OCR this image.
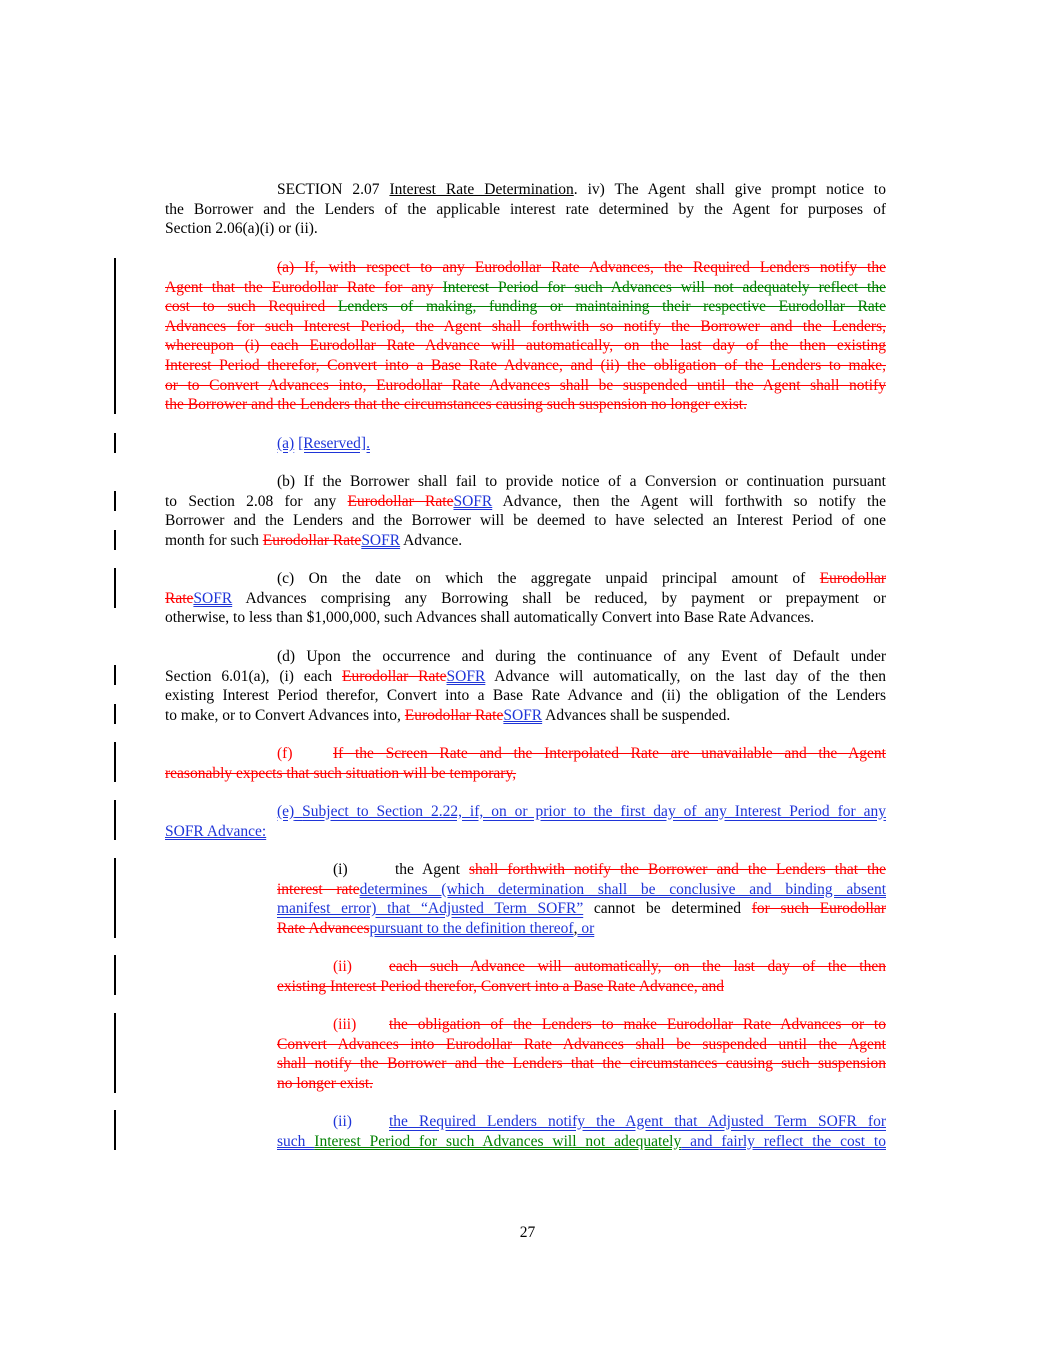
SECTION 2.07 Interest Rate Determination. iv) The Agent shall give prompt notice to
the Borrower and the Lenders of the applicable interest rate determined by the Agent for purposes of
Section 2.06(a)(i) or (ii).
(a) If, with respect to any Eurodollar Rate Advances, the Required Lenders notify the
Agent that the Eurodollar Rate for any Interest Period for such Advances will not adequately reflect the
cost to such Required Lenders of making, funding or maintaining their respective Eurodollar Rate
Advances for such Interest Period, the Agent shall forthwith so notify the Borrower and the Lenders,
whereupon (i) each Eurodollar Rate Advance will automatically, on the last day of the then existing
Interest Period therefor, Convert into a Base Rate Advance, and (ii) the obligation of the Lenders to make,
or to Convert Advances into, Eurodollar Rate Advances shall be suspended until the Agent shall notify
the Borrower and the Lenders that the circumstances causing such suspension no longer exist.
(a) [Reserved].
(b) If the Borrower shall fail to provide notice of a Conversion or continuation pursuant
to Section 2.08 for any Eurodollar RateSOFR Advance, then the Agent will forthwith so notify the
Borrower and the Lenders and the Borrower will be deemed to have selected an Interest Period of one
month for such Eurodollar RateSOFR Advance.
(c) On the date on which the aggregate unpaid principal amount of Eurodollar
RateSOFR Advances comprising any Borrowing shall be reduced, by payment or prepayment or
otherwise, to less than $1,000,000, such Advances shall automatically Convert into Base Rate Advances.
(d) Upon the occurrence and during the continuance of any Event of Default under
Section 6.01(a), (i) each Eurodollar RateSOFR Advance will automatically, on the last day of the then
existing Interest Period therefor, Convert into a Base Rate Advance and (ii) the obligation of the Lenders
to make, or to Convert Advances into, Eurodollar RateSOFR Advances shall be suspended.
(f)	If the Screen Rate and the Interpolated Rate are unavailable and the Agent
reasonably expects that such situation will be temporary,
(e) Subject to Section 2.22, if, on or prior to the first day of any Interest Period for any
SOFR Advance:
(i)	the Agent shall forthwith notify the Borrower and the Lenders that the
interest ratedetermines (which determination shall be conclusive and binding absent
manifest error) that “Adjusted Term SOFR” cannot be determined for such Eurodollar
Rate Advancespursuant to the definition thereof, or
(ii) each such Advance will automatically, on the last day of the then
existing Interest Period therefor, Convert into a Base Rate Advance, and
(iii) the obligation of the Lenders to make Eurodollar Rate Advances or to
Convert Advances into Eurodollar Rate Advances shall be suspended until the Agent
shall notify the Borrower and the Lenders that the circumstances causing such suspension
no longer exist.
(ii) the Required Lenders notify the Agent that Adjusted Term SOFR for
such Interest Period for such Advances will not adequately and fairly reflect the cost to
27
